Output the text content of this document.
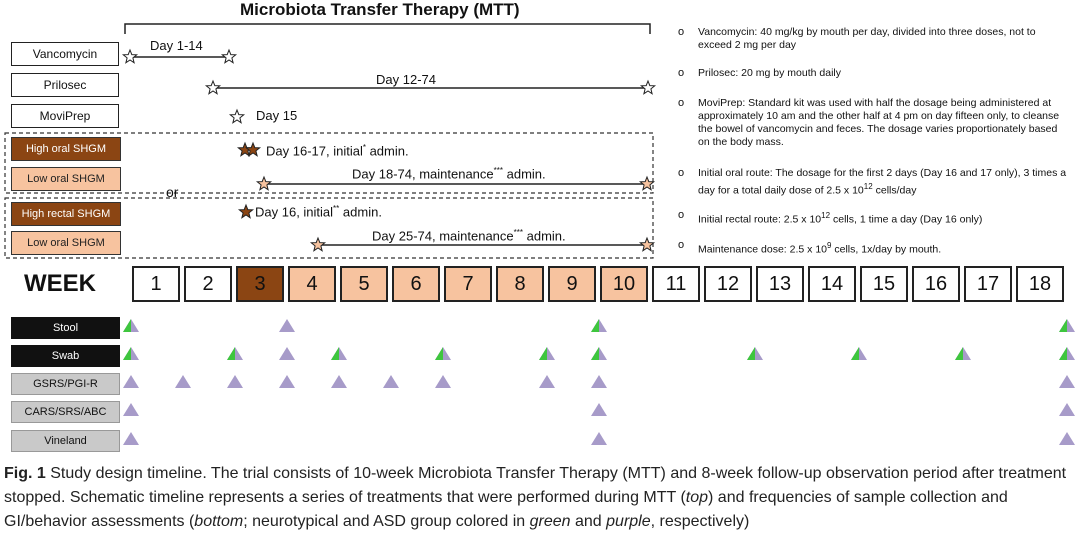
Microbiota Transfer Therapy (MTT)
Vancomycin
Prilosec
MoviPrep
Day 1-14
Day 12-74
Day 15
High oral SHGM
Low oral SHGM
or
High rectal SHGM
Low oral SHGM
Day 16-17, initial* admin.
Day 18-74, maintenance*** admin.
Day 16, initial** admin.
Day 25-74, maintenance*** admin.
o Vancomycin: 40 mg/kg by mouth per day, divided into three doses, not to exceed 2 mg per day
o Prilosec: 20 mg by mouth daily
o MoviPrep: Standard kit was used with half the dosage being administered at approximately 10 am and the other half at 4 pm on day fifteen only, to cleanse the bowel of vancomycin and feces. The dosage varies proportionately based on the body mass.
o Initial oral route: The dosage for the first 2 days (Day 16 and 17 only), 3 times a day for a total daily dose of 2.5 x $10^{12}$ cells/day
o Initial rectal route: 2.5 x $10^{12}$ cells, 1 time a day (Day 16 only)
o Maintenance dose: 2.5 x $10^9$ cells, 1x/day by mouth.
WEEK	1	2	3	4	5	6	7	8	9	10	11	12	13	14	15	16	17	18
Stool
Swab
GSRS/PGI-R
CARS/SRS/ABC
Vineland
Fig. 1 Study design timeline. The trial consists of 10-week Microbiota Transfer Therapy (MTT) and 8-week follow-up observation period after treatment stopped. Schematic timeline represents a series of treatments that were performed during MTT (top) and frequencies of sample collection and GI/behavior assessments (bottom; neurotypical and ASD group colored in green and purple, respectively)
